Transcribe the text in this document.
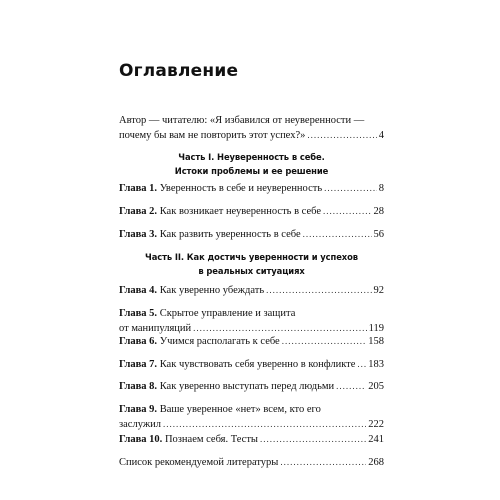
Оглавление
Автор — читателю: «Я избавился от неуверенности —
почему бы вам не повторить этот успех?» .....	4
Часть I. Неуверенность в себе.
Истоки проблемы и ее решение
Глава 1. Уверенность в себе и неуверенность .....	8
Глава 2. Как возникает неуверенность в себе .....	28
Глава 3. Как развить уверенность в себе .....	56
Часть II. Как достичь уверенности и успехов
в реальных ситуациях
Глава 4. Как уверенно убеждать .....	92
Глава 5. Скрытое управление и защита
от манипуляций .....	119
Глава 6. Учимся располагать к себе .....	158
Глава 7. Как чувствовать себя уверенно в конфликте ..... 183
Глава 8. Как уверенно выступать перед людьми .....	205
Глава 9. Ваше уверенное «нет» всем, кто его
заслужил .....	222
Глава 10. Познаем себя. Тесты .....	241
Список рекомендуемой литературы .....	268
